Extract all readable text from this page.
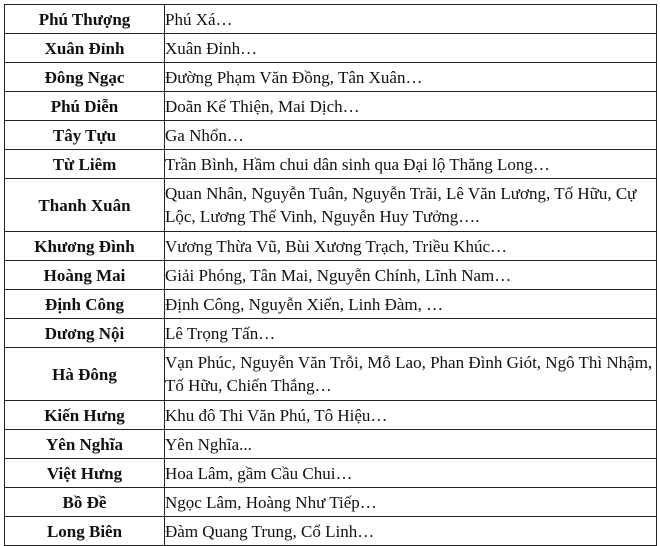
Phú Thượng	Phú Xá…
Xuân Đỉnh	Xuân Đỉnh…
Đông Ngạc	Đường Phạm Văn Đồng, Tân Xuân…
Phú Diễn	Doãn Kế Thiện, Mai Dịch…
Tây Tựu	Ga Nhổn…
Từ Liêm	Trần Bình, Hầm chui dân sinh qua Đại lộ Thăng Long…
Thanh Xuân	Quan Nhân, Nguyễn Tuân, Nguyễn Trãi, Lê Văn Lương, Tố Hữu, Cự Lộc, Lương Thế Vinh, Nguyễn Huy Tưởng….
Khương Đình	Vương Thừa Vũ, Bùi Xương Trạch, Triều Khúc…
Hoàng Mai	Giải Phóng, Tân Mai, Nguyễn Chính, Lĩnh Nam…
Định Công	Định Công, Nguyễn Xiển, Linh Đàm, …
Dương Nội	Lê Trọng Tấn…
Hà Đông	Vạn Phúc, Nguyễn Văn Trỗi, Mỗ Lao, Phan Đình Giót, Ngô Thì Nhậm, Tố Hữu, Chiến Thắng…
Kiến Hưng	Khu đô Thi Văn Phú, Tô Hiệu…
Yên Nghĩa	Yên Nghĩa...
Việt Hưng	Hoa Lâm, gầm Cầu Chui…
Bồ Đề	Ngọc Lâm, Hoàng Như Tiếp…
Long Biên	Đàm Quang Trung, Cổ Linh…
